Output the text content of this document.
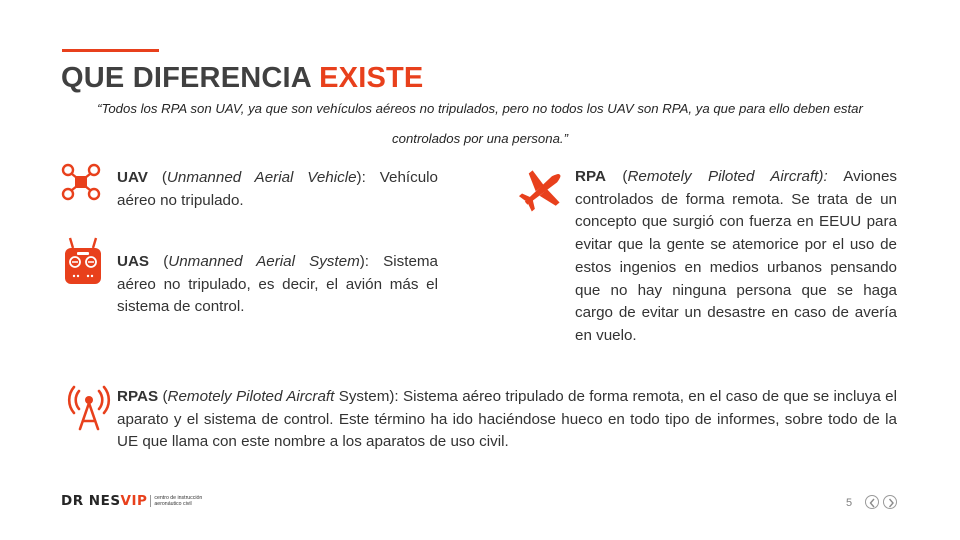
QUE DIFERENCIA EXISTE
“Todos los RPA son UAV, ya que son vehículos aéreos no tripulados, pero no todos los UAV son RPA, ya que para ello deben estar
controlados por una persona.”
UAV (Unmanned Aerial Vehicle): Vehículo aéreo no tripulado.
UAS (Unmanned Aerial System): Sistema aéreo no tripulado, es decir, el avión más el sistema de control.
RPA (Remotely Piloted Aircraft): Aviones controlados de forma remota. Se trata de un concepto que surgió con fuerza en EEUU para evitar que la gente se atemorice por el uso de estos ingenios en medios urbanos pensando que no hay ninguna persona que se haga cargo de evitar un desastre en caso de avería en vuelo.
RPAS (Remotely Piloted Aircraft System): Sistema aéreo tripulado de forma remota, en el caso de que se incluya el aparato y el sistema de control. Este término ha ido haciéndose hueco en todo tipo de informes, sobre todo de la UE que llama con este nombre a los aparatos de uso civil.
DR NESVIP centro de instrucción
aeronáutico civil	5
